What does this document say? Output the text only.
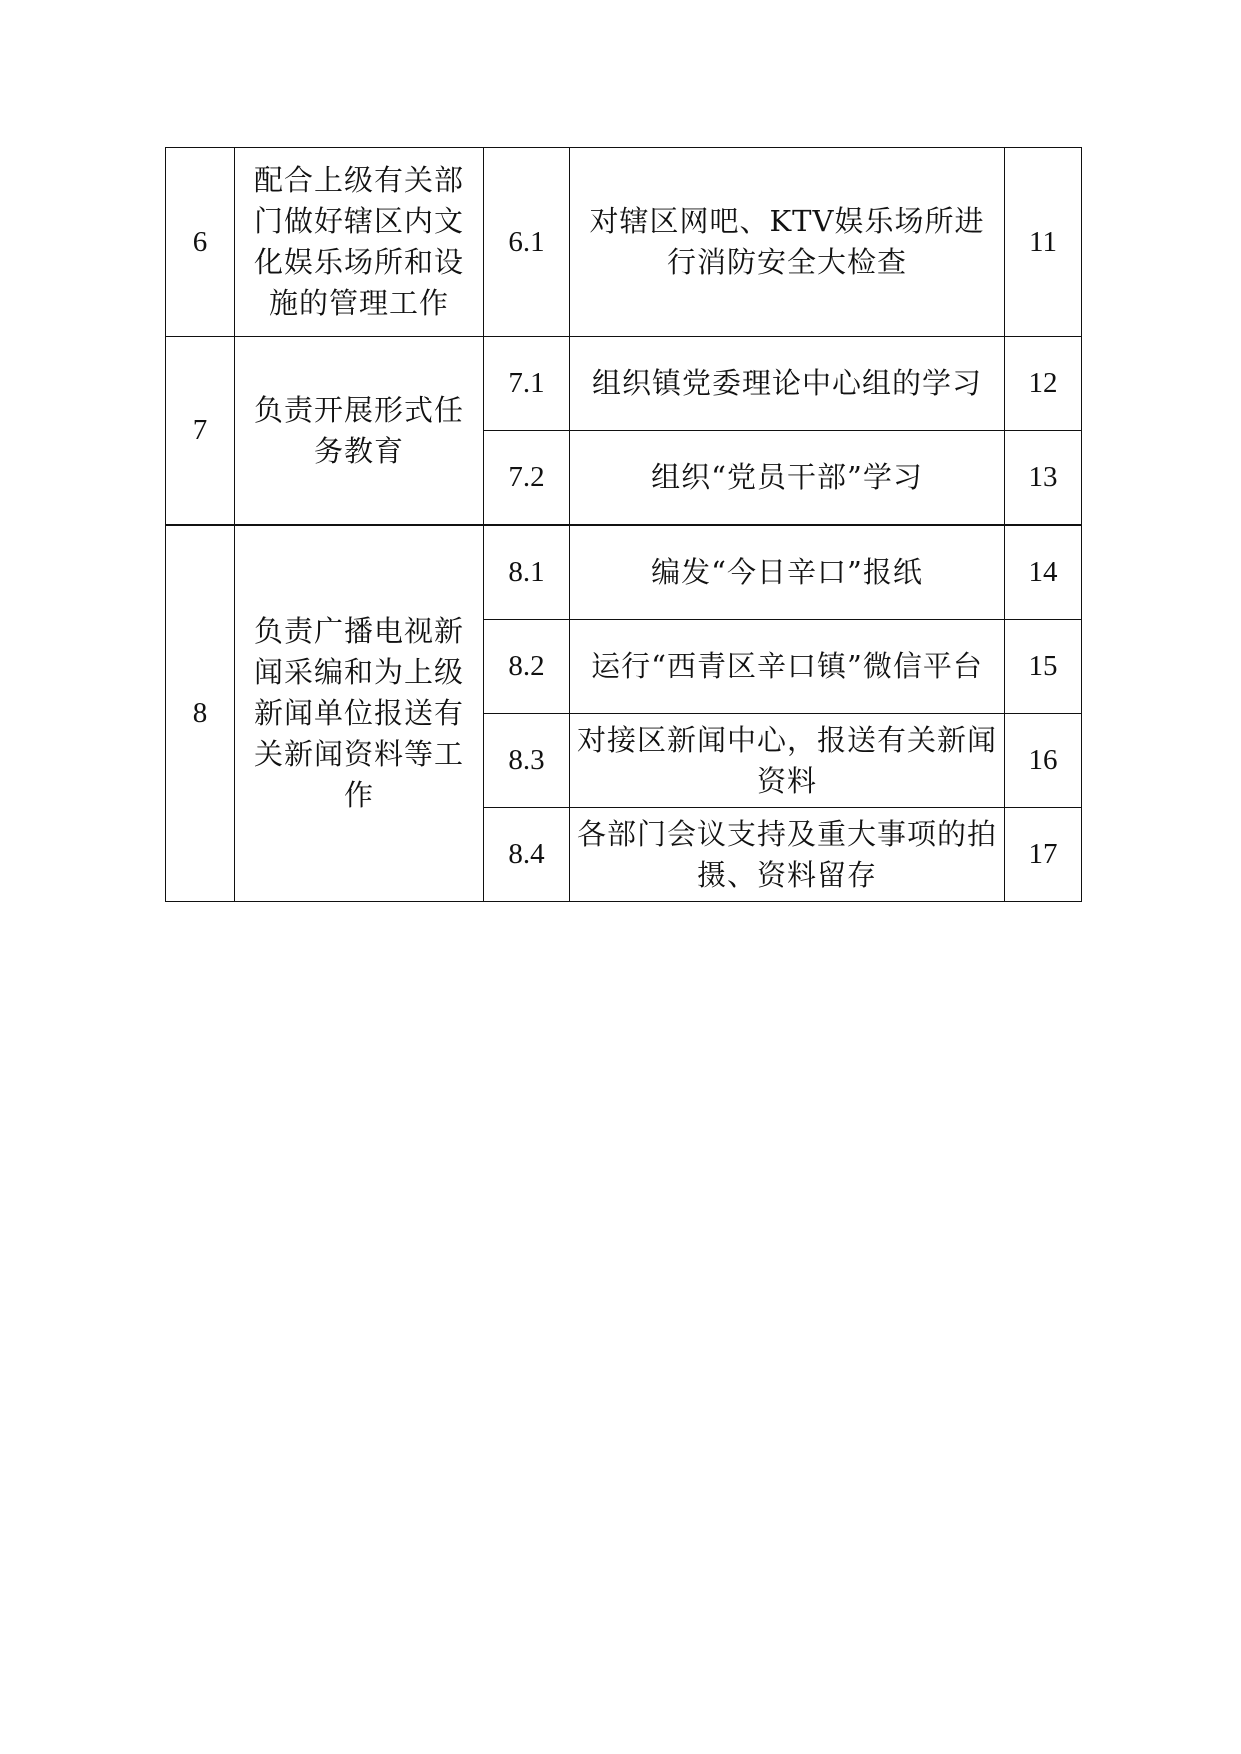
6	配合上级有关部门做好辖区内文化娱乐场所和设施的管理工作	6.1	对辖区网吧、KTV娱乐场所进行消防安全大检查	11
7	负责开展形式任务教育	7.1	组织镇党委理论中心组的学习	12
		7.2	组织“党员干部”学习	13
8	负责广播电视新闻采编和为上级新闻单位报送有关新闻资料等工作	8.1	编发“今日辛口”报纸	14
		8.2	运行“西青区辛口镇”微信平台	15
		8.3	对接区新闻中心，报送有关新闻资料	16
		8.4	各部门会议支持及重大事项的拍摄、资料留存	17
